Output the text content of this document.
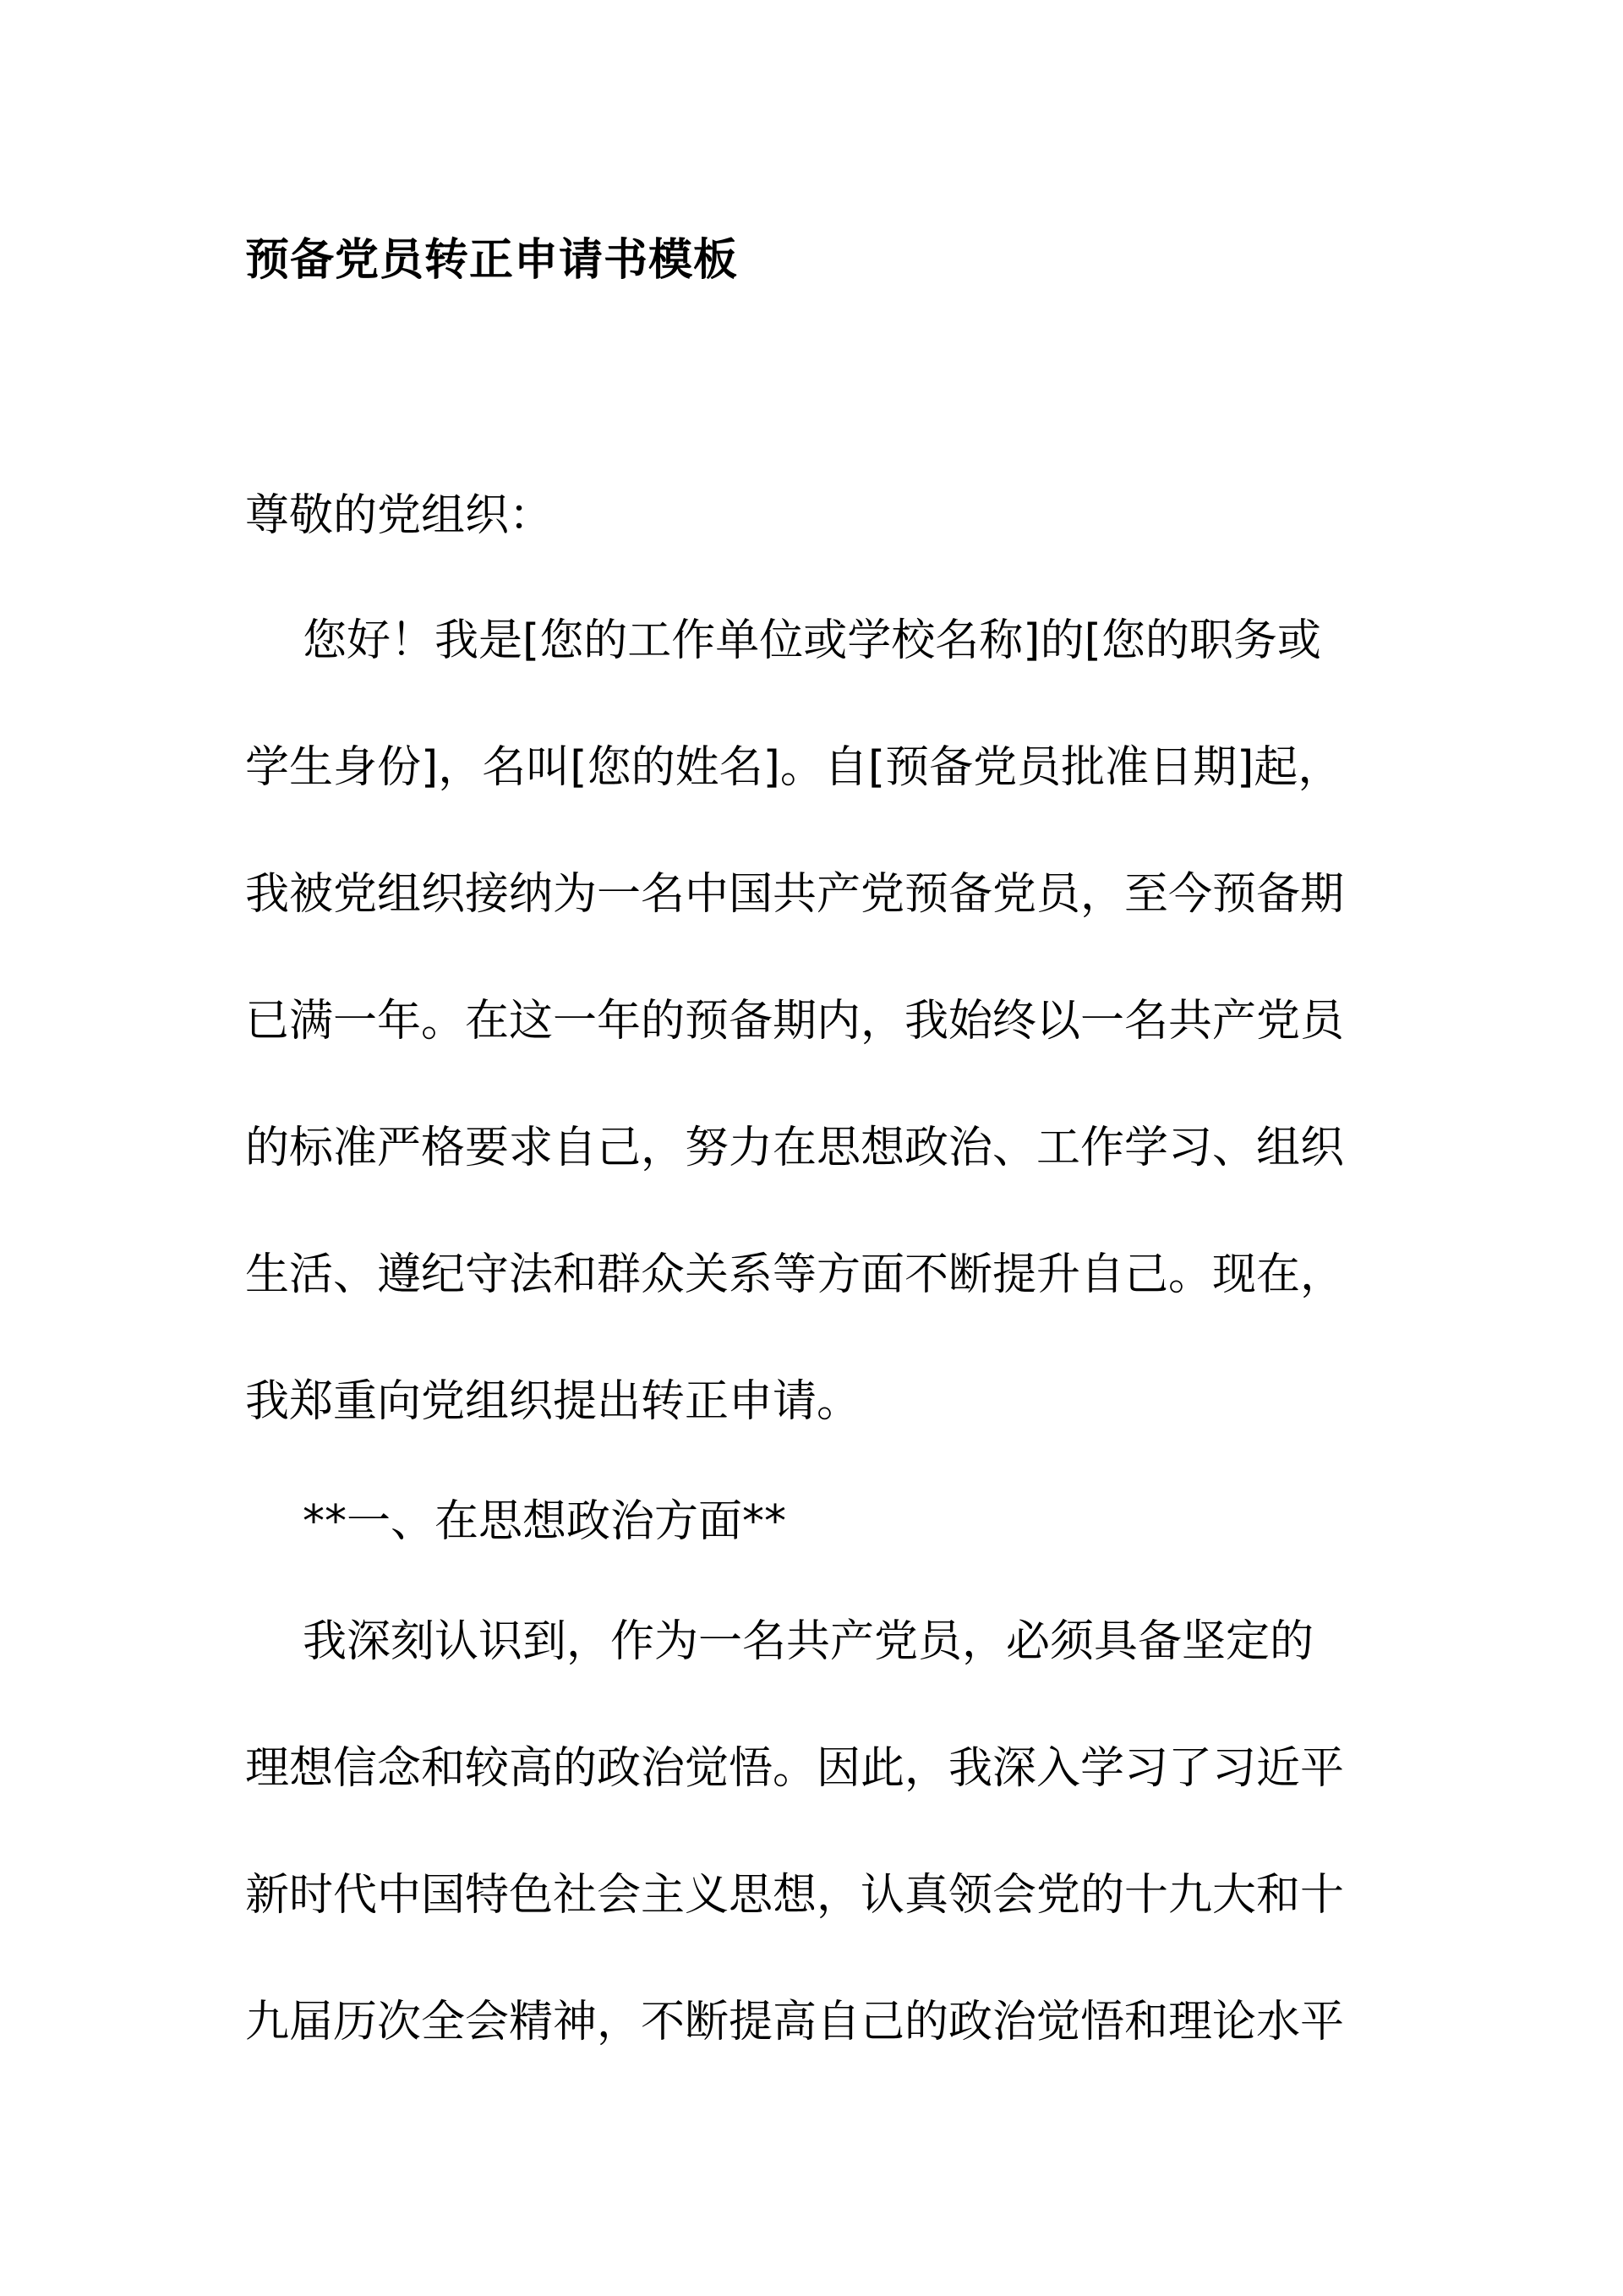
预备党员转正申请书模板
尊敬的党组织：
您好！我是[您的工作单位或学校名称]的[您的职务或
学生身份]，名叫[您的姓名]。自[预备党员批准日期]起，
我被党组织接纳为一名中国共产党预备党员，至今预备期
已满一年。在这一年的预备期内，我始终以一名共产党员
的标准严格要求自己，努力在思想政治、工作学习、组织
生活、遵纪守法和群众关系等方面不断提升自己。现在，
我郑重向党组织提出转正申请。
**一、在思想政治方面**
我深刻认识到，作为一名共产党员，必须具备坚定的
理想信念和较高的政治觉悟。因此，我深入学习了习近平
新时代中国特色社会主义思想，认真领会党的十九大和十
九届历次全会精神，不断提高自己的政治觉悟和理论水平
